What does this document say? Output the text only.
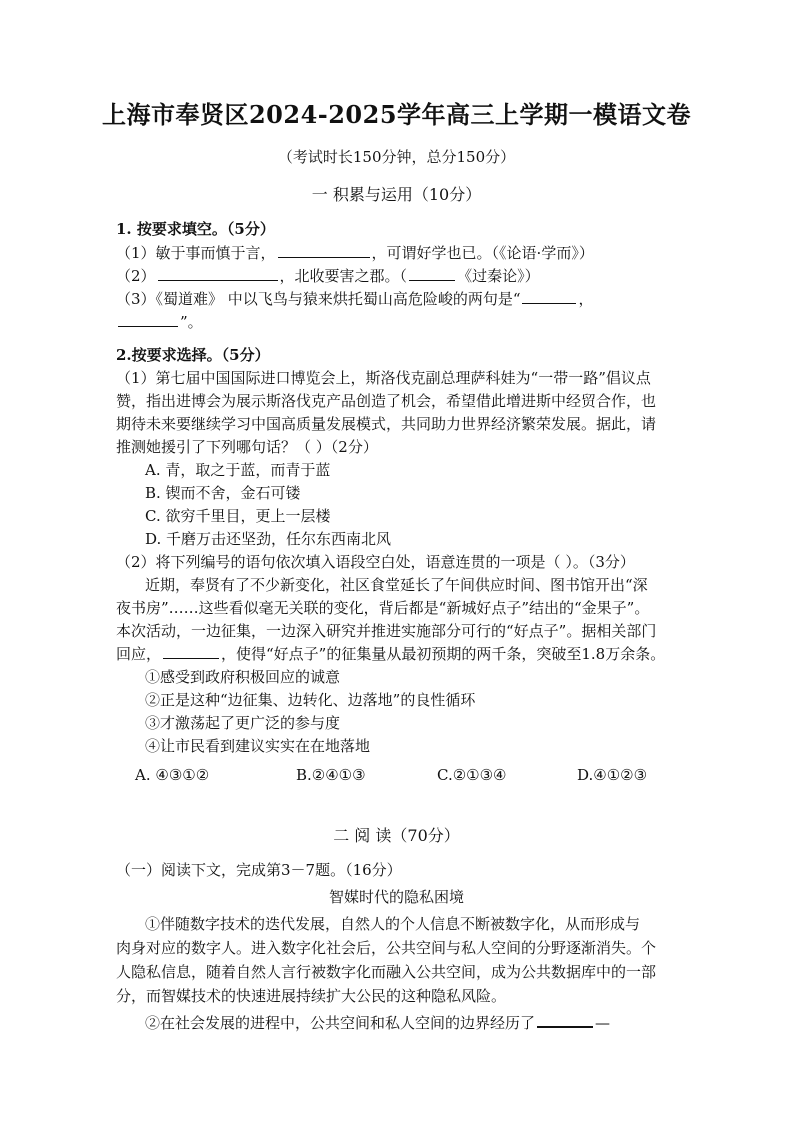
上海市奉贤区2024-2025学年高三上学期一模语文卷
（考试时长150分钟，总分150分）
一 积累与运用（10分）
1. 按要求填空。（5分）
（1）敏于事而慎于言，	，可谓好学也已。（《论语·学而》）
（2）	，北收要害之郡。（	《过秦论》）
（3）《蜀道难》 中以飞鸟与猿来烘托蜀山高危险峻的两句是“	，
”。
2.按要求选择。（5分）
（1）第七届中国国际进口博览会上，斯洛伐克副总理萨科娃为“一带一路”倡议点
赞，指出进博会为展示斯洛伐克产品创造了机会，希望借此增进斯中经贸合作，也
期待未来要继续学习中国高质量发展模式，共同助力世界经济繁荣发展。据此，请
推测她援引了下列哪句话？（ ）（2分）
A. 青，取之于蓝，而青于蓝
B. 锲而不舍，金石可镂
C. 欲穷千里目，更上一层楼
D. 千磨万击还坚劲，任尔东西南北风
（2）将下列编号的语句依次填入语段空白处，语意连贯的一项是（ ）。（3分）
近期，奉贤有了不少新变化，社区食堂延长了午间供应时间、图书馆开出“深
夜书房”……这些看似毫无关联的变化，背后都是“新城好点子”结出的“金果子”。
本次活动，一边征集，一边深入研究并推进实施部分可行的“好点子”。据相关部门
回应，	，使得“好点子”的征集量从最初预期的两千条，突破至1.8万余条。
①感受到政府积极回应的诚意
②正是这种“边征集、边转化、边落地”的良性循环
③才激荡起了更广泛的参与度
④让市民看到建议实实在在地落地
A. ④③①②	B.②④①③	C.②①③④	D.④①②③
二 阅 读（70分）
（一）阅读下文，完成第3－7题。（16分）
智媒时代的隐私困境
①伴随数字技术的迭代发展，自然人的个人信息不断被数字化，从而形成与
肉身对应的数字人。进入数字化社会后，公共空间与私人空间的分野逐渐消失。个
人隐私信息，随着自然人言行被数字化而融入公共空间，成为公共数据库中的一部
分，而智媒技术的快速进展持续扩大公民的这种隐私风险。
②在社会发展的进程中，公共空间和私人空间的边界经历了	—
